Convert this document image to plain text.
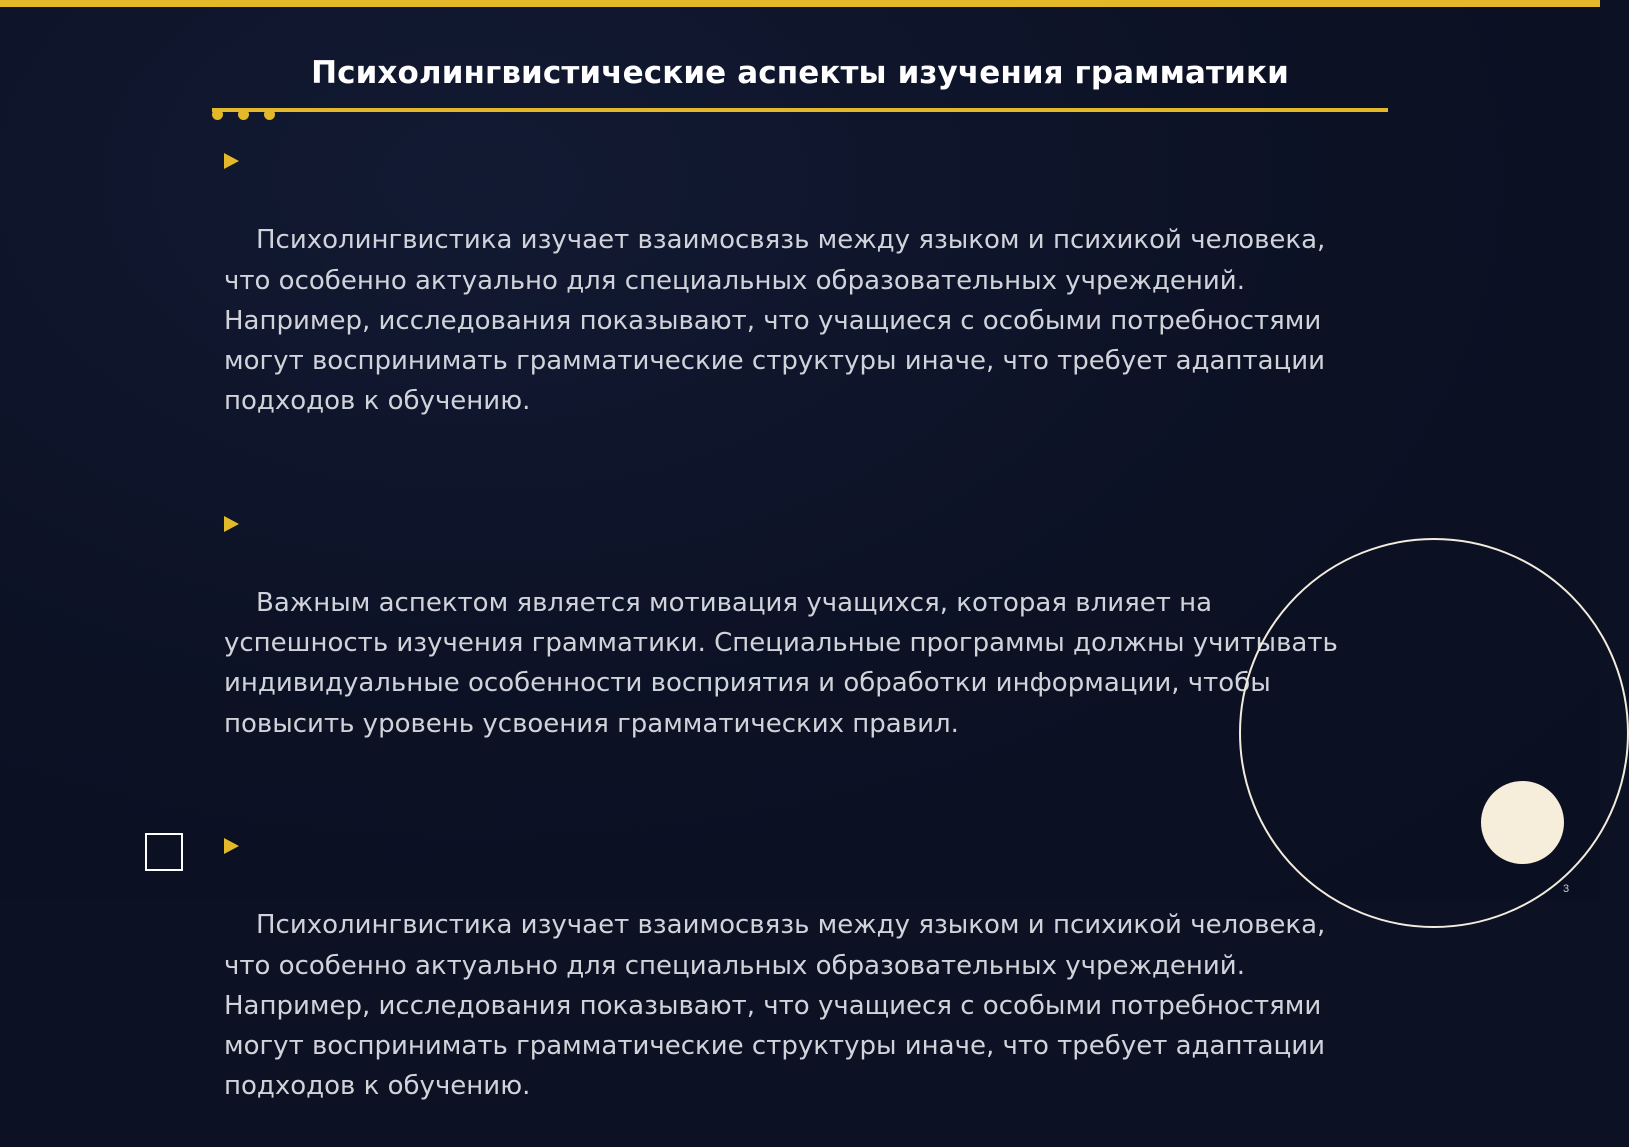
Психолингвистические аспекты изучения грамматики

Психолингвистика изучает взаимосвязь между языком и психикой человека,
что особенно актуально для специальных образовательных учреждений.
Например, исследования показывают, что учащиеся с особыми потребностями
могут воспринимать грамматические структуры иначе, что требует адаптации
подходов к обучению.

Важным аспектом является мотивация учащихся, которая влияет на
успешность изучения грамматики. Специальные программы должны учитывать
индивидуальные особенности восприятия и обработки информации, чтобы
повысить уровень усвоения грамматических правил.

Психолингвистика изучает взаимосвязь между языком и психикой человека,
что особенно актуально для специальных образовательных учреждений.
Например, исследования показывают, что учащиеся с особыми потребностями
могут воспринимать грамматические структуры иначе, что требует адаптации
подходов к обучению.

3
